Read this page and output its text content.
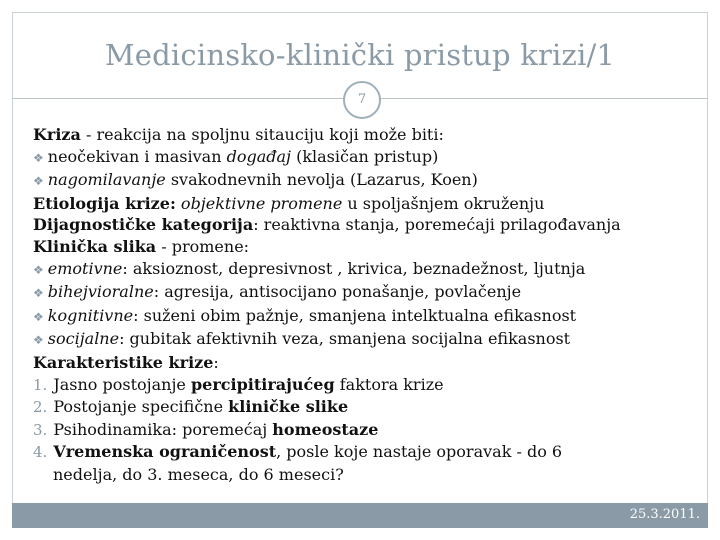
Medicinsko-klinički pristup krizi/1
7
Kriza - reakcija na spoljnu sitauciju koji može biti:
❖ neočekivan i masivan događaj (klasičan pristup)
❖ nagomilavanje svakodnevnih nevolja (Lazarus, Koen)
Etiologija krize: objektivne promene u spoljašnjem okruženju
Dijagnostičke kategorija: reaktivna stanja, poremećaji prilagođavanja
Klinička slika - promene:
❖ emotivne: aksioznost, depresivnost , krivica, beznadežnost, ljutnja
❖ bihejvioralne: agresija, antisocijano ponašanje, povlačenje
❖ kognitivne: suženi obim pažnje, smanjena intelktualna efikasnost
❖ socijalne: gubitak afektivnih veza, smanjena socijalna efikasnost
Karakteristike krize:
1. Jasno postojanje percipitirajućeg faktora krize
2. Postojanje specifične kliničke slike
3. Psihodinamika: poremećaj homeostaze
4. Vremenska ograničenost, posle koje nastaje oporavak - do 6
nedelja, do 3. meseca, do 6 meseci?
25.3.2011.
